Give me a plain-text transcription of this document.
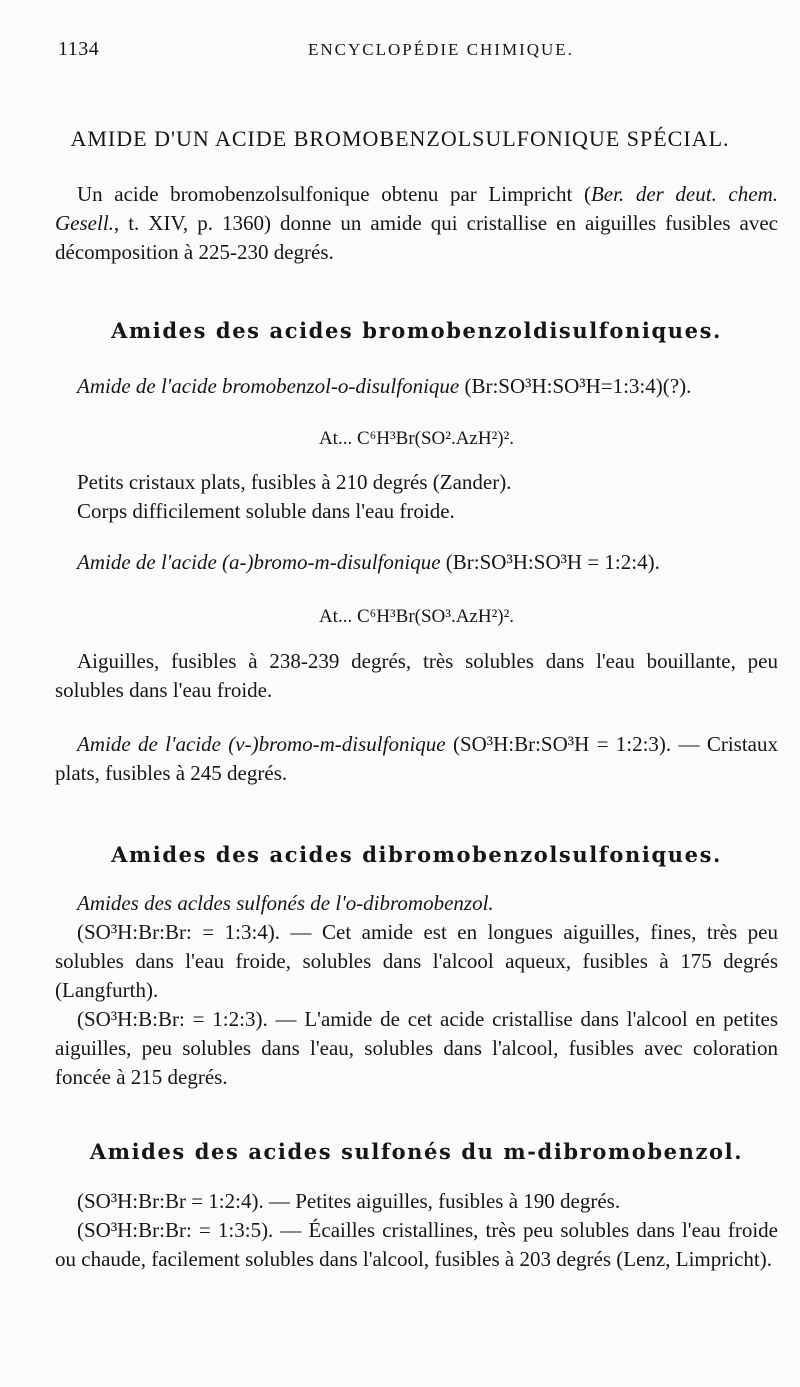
1134	ENCYCLOPÉDIE CHIMIQUE.
AMIDE D'UN ACIDE BROMOBENZOLSULFONIQUE SPÉCIAL.

Un acide bromobenzolsulfonique obtenu par Limpricht (Ber. der deut. chem. Gesell., t. XIV, p. 1360) donne un amide qui cristallise en aiguilles fusibles avec décomposition à 225-230 degrés.

Amides des acides bromobenzoldisulfoniques.

Amide de l'acide bromobenzol-o-disulfonique (Br:SO³H:SO³H=1:3:4)(?).

At... C⁶H³Br(SO².AzH²)².

Petits cristaux plats, fusibles à 210 degrés (Zander).

Corps difficilement soluble dans l'eau froide.

Amide de l'acide (a-)bromo-m-disulfonique (Br:SO³H:SO³H = 1:2:4).

At... C⁶H³Br(SO³.AzH²)².

Aiguilles, fusibles à 238-239 degrés, très solubles dans l'eau bouillante, peu solubles dans l'eau froide.

Amide de l'acide (v-)bromo-m-disulfonique (SO³H:Br:SO³H = 1:2:3). — Cristaux plats, fusibles à 245 degrés.

Amides des acides dibromobenzolsulfoniques.

Amides des acldes sulfonés de l'o-dibromobenzol.

(SO³H:Br:Br: = 1:3:4). — Cet amide est en longues aiguilles, fines, très peu solubles dans l'eau froide, solubles dans l'alcool aqueux, fusibles à 175 degrés (Langfurth).

(SO³H:B:Br: = 1:2:3). — L'amide de cet acide cristallise dans l'alcool en petites aiguilles, peu solubles dans l'eau, solubles dans l'alcool, fusibles avec coloration foncée à 215 degrés.

Amides des acides sulfonés du m-dibromobenzol.

(SO³H:Br:Br = 1:2:4). — Petites aiguilles, fusibles à 190 degrés.

(SO³H:Br:Br: = 1:3:5). — Écailles cristallines, très peu solubles dans l'eau froide ou chaude, facilement solubles dans l'alcool, fusibles à 203 degrés (Lenz, Limpricht).
